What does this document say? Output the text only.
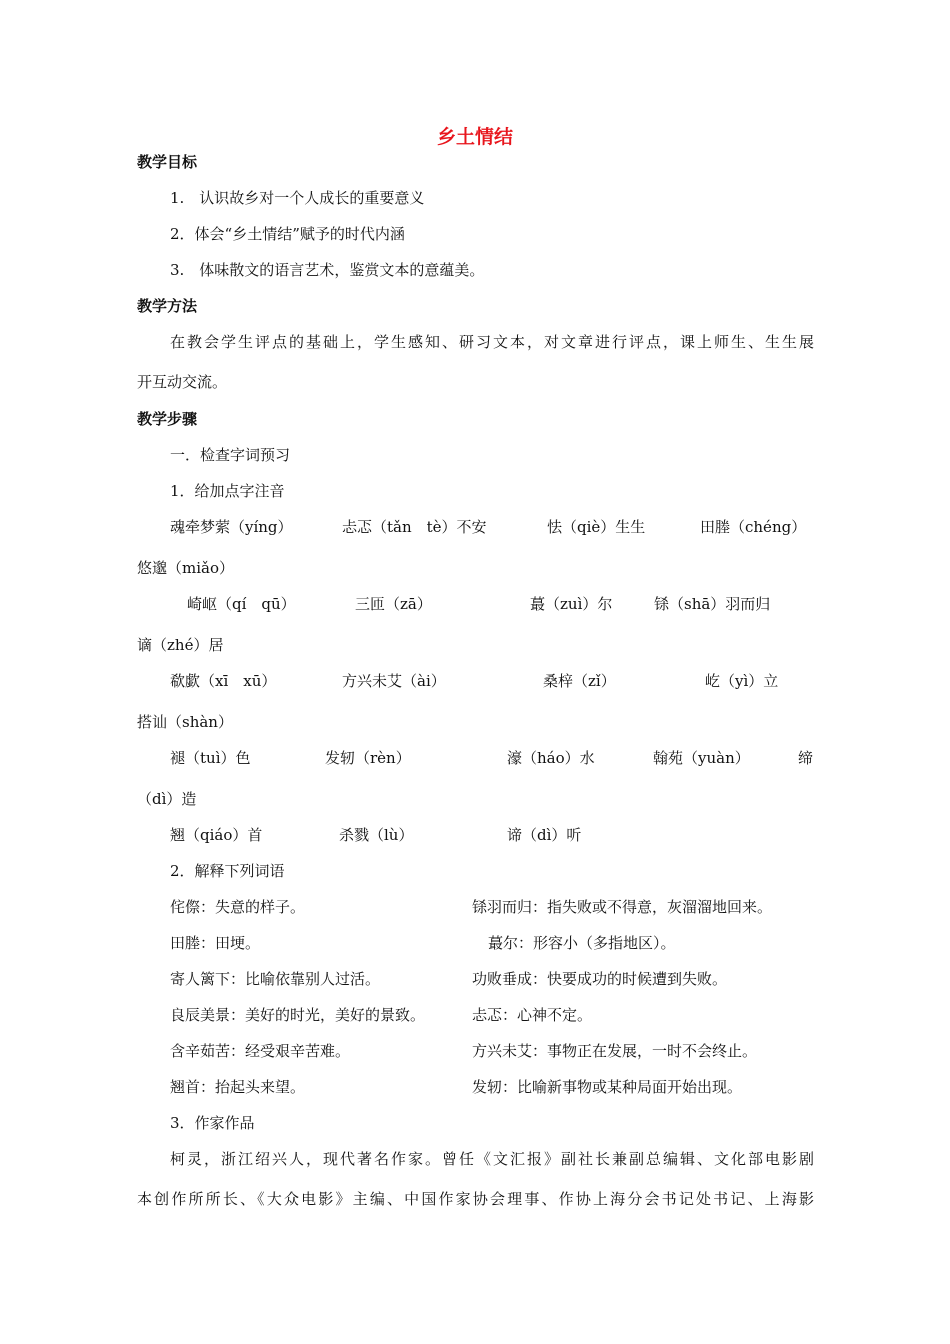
乡土情结
教学目标
1.　认识故乡对一个人成长的重要意义
2．体会“乡土情结”赋予的时代内涵
3.　体味散文的语言艺术，鉴赏文本的意蕴美。
教学方法
在教会学生评点的基础上，学生感知、研习文本，对文章进行评点，课上师生、生生展
开互动交流。
教学步骤
一．检查字词预习
1．给加点字注音
魂牵梦萦（yíng）	忐忑（tǎn　tè）不安	怯（qiè）生生	田塍（chéng）
悠邈（miǎo）
崎岖（qí　qū）	三匝（zā）	蕞（zuì）尔	铩（shā）羽而归
谪（zhé）居
欷歔（xī　xū）	方兴未艾（ài）	桑梓（zǐ）	屹（yì）立
搭讪（shàn）
褪（tuì）色	发轫（rèn）	濠（háo）水	翰苑（yuàn）	缔
（dì）造
翘（qiáo）首	杀戮（lù）	谛（dì）听
2．解释下列词语
侘傺：失意的样子。	铩羽而归：指失败或不得意，灰溜溜地回来。
田塍：田埂。	蕞尔：形容小（多指地区）。
寄人篱下：比喻依靠别人过活。	功败垂成：快要成功的时候遭到失败。
良辰美景：美好的时光，美好的景致。	忐忑：心神不定。
含辛茹苦：经受艰辛苦难。	方兴未艾：事物正在发展，一时不会终止。
翘首：抬起头来望。	发轫：比喻新事物或某种局面开始出现。
3．作家作品
柯灵，浙江绍兴人，现代著名作家。曾任《文汇报》副社长兼副总编辑、文化部电影剧
本创作所所长、《大众电影》主编、中国作家协会理事、作协上海分会书记处书记、上海影
